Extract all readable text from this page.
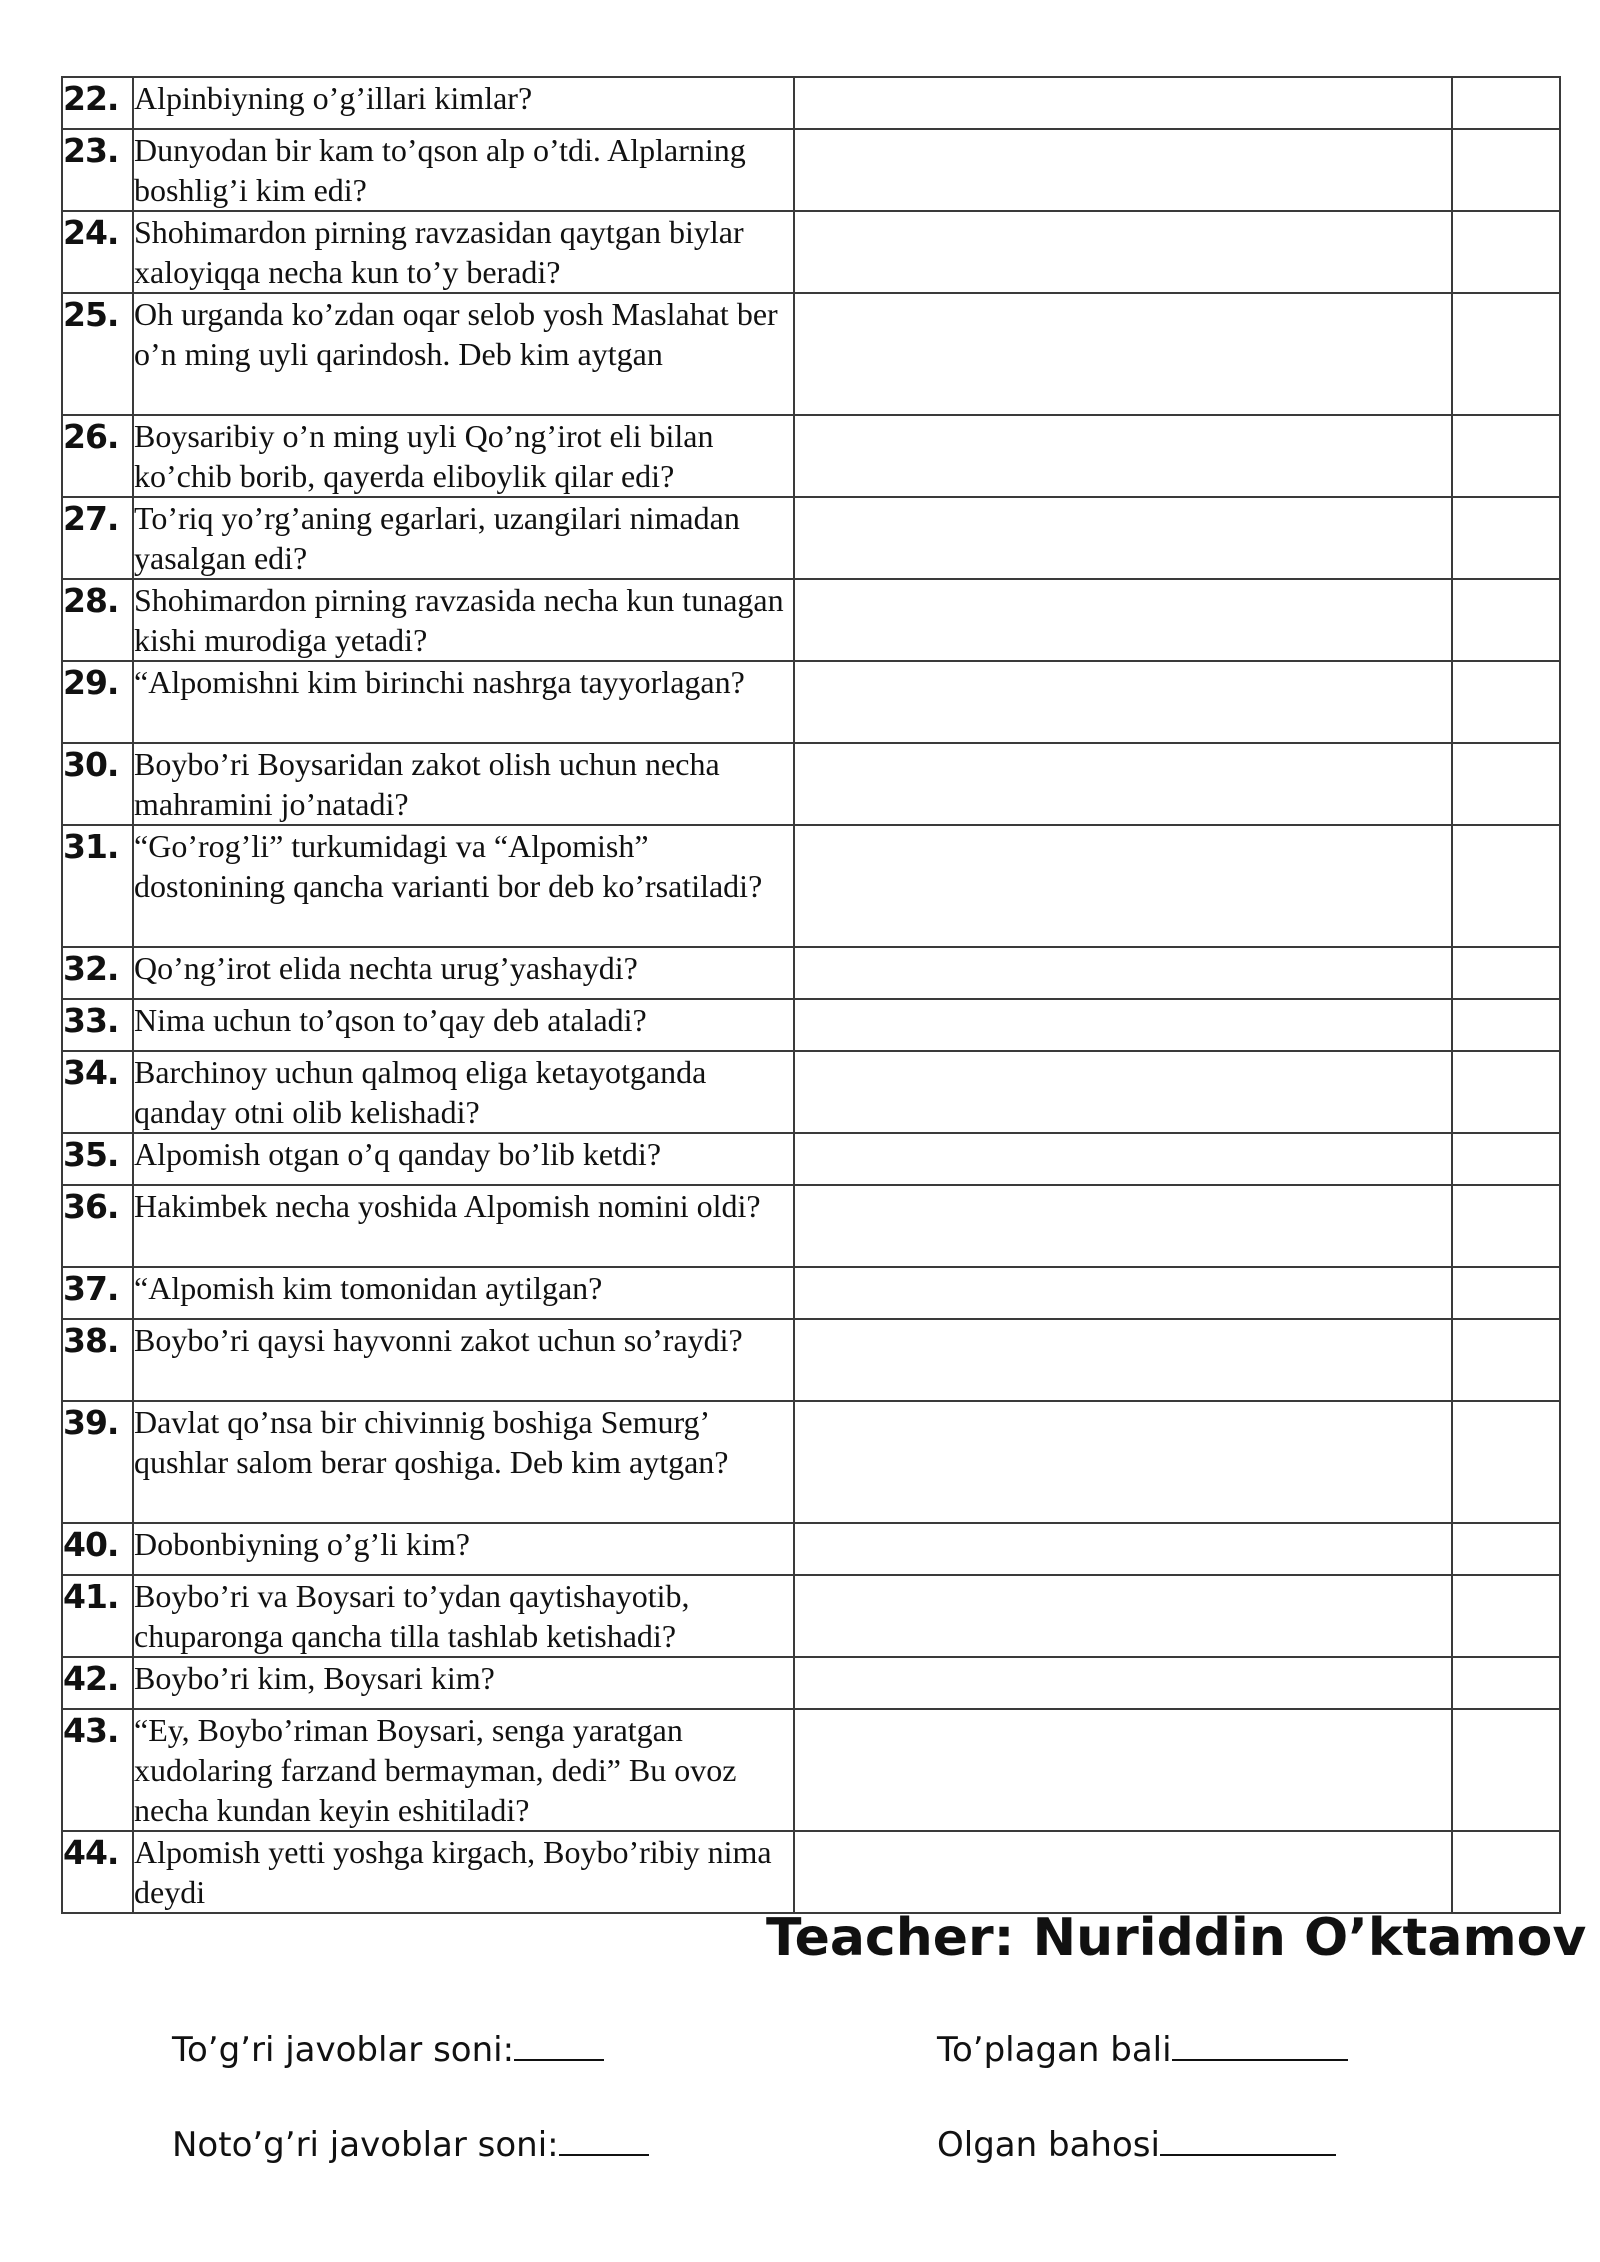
22.	Alpinbiyning o’g’illari kimlar?		
23.	Dunyodan bir kam to’qson alp o’tdi. Alplarning boshlig’i kim edi?		
24.	Shohimardon pirning ravzasidan qaytgan biylar xaloyiqqa necha kun to’y beradi?		
25.	Oh urganda ko’zdan oqar selob yosh Maslahat ber o’n ming uyli qarindosh. Deb kim aytgan		
26.	Boysaribiy o’n ming uyli Qo’ng’irot eli bilan ko’chib borib, qayerda eliboylik qilar edi?		
27.	To’riq yo’rg’aning egarlari, uzangilari nimadan yasalgan edi?		
28.	Shohimardon pirning ravzasida necha kun tunagan kishi murodiga yetadi?		
29.	“Alpomishni kim birinchi nashrga tayyorlagan?		
30.	Boybo’ri Boysaridan zakot olish uchun necha mahramini jo’natadi?		
31.	“Go’rog’li” turkumidagi va “Alpomish” dostonining qancha varianti bor deb ko’rsatiladi?		
32.	Qo’ng’irot elida nechta urug’yashaydi?		
33.	Nima uchun to’qson to’qay deb ataladi?		
34.	Barchinoy uchun qalmoq eliga ketayotganda qanday otni olib kelishadi?		
35.	Alpomish otgan o’q qanday bo’lib ketdi?		
36.	Hakimbek necha yoshida Alpomish nomini oldi?		
37.	“Alpomish kim tomonidan aytilgan?		
38.	Boybo’ri qaysi hayvonni zakot uchun so’raydi?		
39.	Davlat qo’nsa bir chivinnig boshiga Semurg’ qushlar salom berar qoshiga. Deb kim aytgan?		
40.	Dobonbiyning o’g’li kim?		
41.	Boybo’ri va Boysari to’ydan qaytishayotib, chuparonga qancha tilla tashlab ketishadi?		
42.	Boybo’ri kim, Boysari kim?		
43.	“Ey, Boybo’riman Boysari, senga yaratgan xudolaring farzand bermayman, dedi” Bu ovoz necha kundan keyin eshitiladi?		
44.	Alpomish yetti yoshga kirgach, Boybo’ribiy nima deydi		
Teacher: Nuriddin O’ktamov
To’g’ri javoblar soni:
Noto’g’ri javoblar soni:
To’plagan bali
Olgan bahosi
